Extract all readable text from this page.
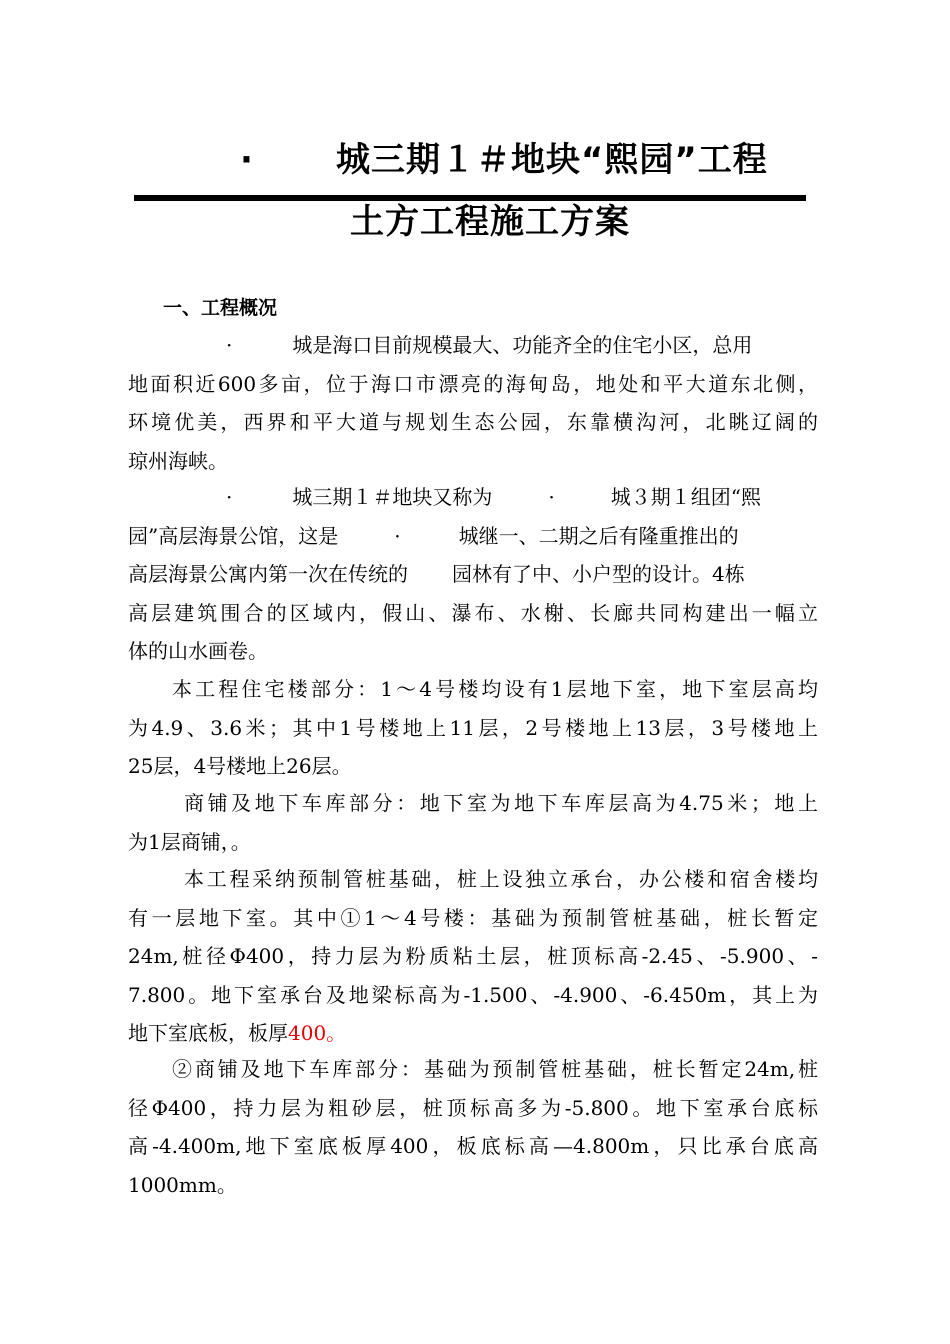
· 城三期１＃地块“熙园”工程
土方工程施工方案
一、工程概况
·	城是海口目前规模最大、功能齐全的住宅小区，总用
地面积近600多亩，位于海口市漂亮的海甸岛，地处和平大道东北侧，
环境优美，西界和平大道与规划生态公园，东靠横沟河，北眺辽阔的
琼州海峡。
·	城三期１＃地块又称为	·	城３期１组团“熙
园”高层海景公馆，这是	·	城继一、二期之后有隆重推出的
高层海景公寓内第一次在传统的 园林有了中、小户型的设计。4栋
高层建筑围合的区域内，假山、瀑布、水榭、长廊共同构建出一幅立
体的山水画卷。
本工程住宅楼部分：1～4号楼均设有1层地下室，地下室层高均
为4.9、3.6米；其中1号楼地上11层，2号楼地上13层，3号楼地上
25层，4号楼地上26层。
商铺及地下车库部分：地下室为地下车库层高为4.75米；地上
为1层商铺，。
本工程采纳预制管桩基础，桩上设独立承台，办公楼和宿舍楼均
有一层地下室。其中①1～4号楼：基础为预制管桩基础，桩长暂定
24m,桩径Φ400，持力层为粉质粘土层，桩顶标高-2.45、-5.900、-
7.800。地下室承台及地梁标高为-1.500、-4.900、-6.450m，其上为
地下室底板，板厚400。
②商铺及地下车库部分：基础为预制管桩基础，桩长暂定24m,桩
径Φ400，持力层为粗砂层，桩顶标高多为-5.800。地下室承台底标
高-4.400m,地下室底板厚400，板底标高—4.800m，只比承台底高
1000mm。
